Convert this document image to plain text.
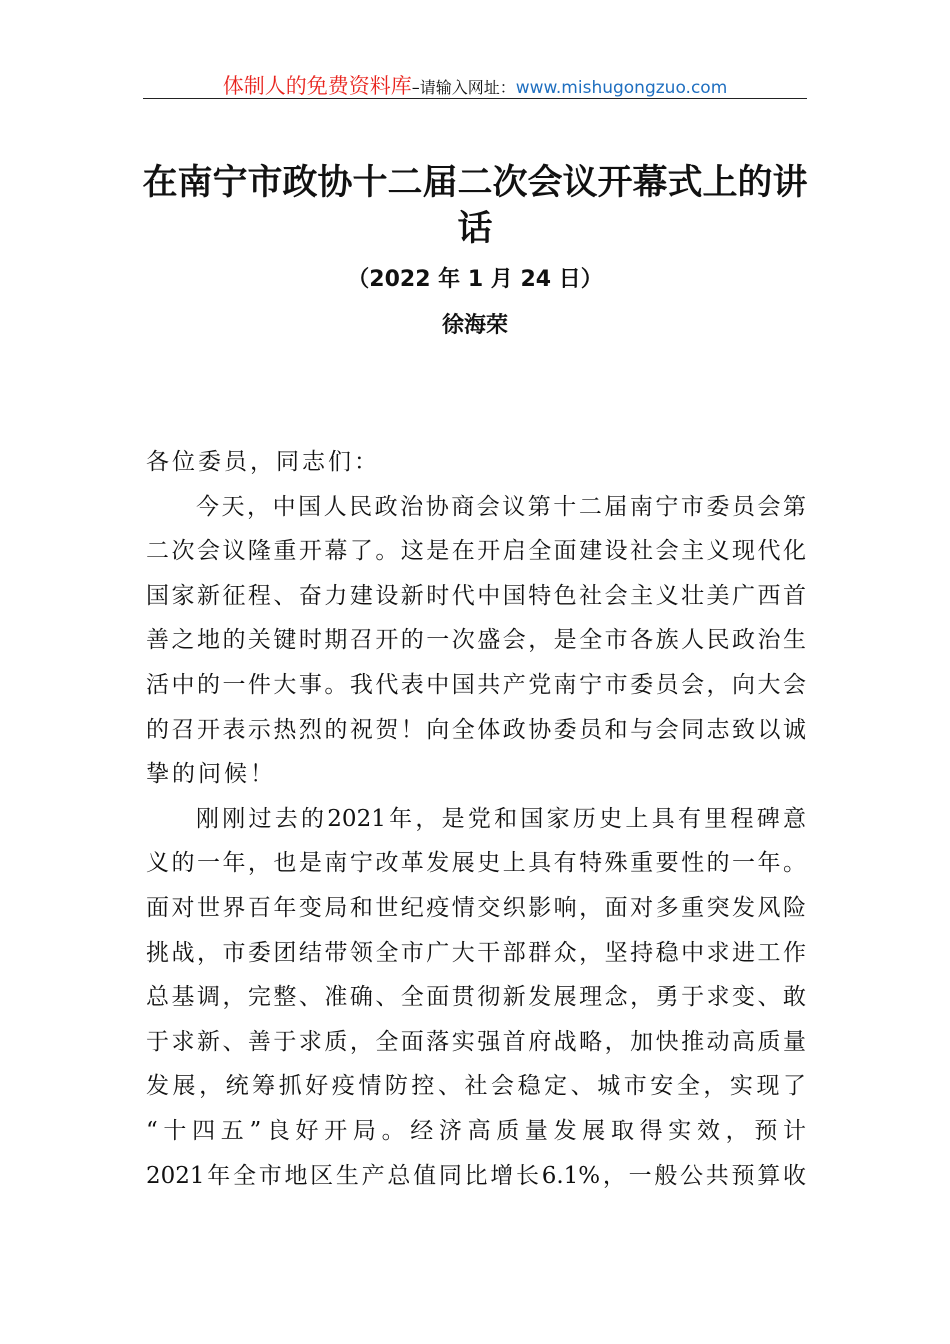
体制人的免费资料库–请输入网址：www.mishugongzuo.com
在南宁市政协十二届二次会议开幕式上的讲话
（2022 年 1 月 24 日）
徐海荣
各位委员，同志们：
今天，中国人民政治协商会议第十二届南宁市委员会第
二次会议隆重开幕了。这是在开启全面建设社会主义现代化
国家新征程、奋力建设新时代中国特色社会主义壮美广西首
善之地的关键时期召开的一次盛会，是全市各族人民政治生
活中的一件大事。我代表中国共产党南宁市委员会，向大会
的召开表示热烈的祝贺！向全体政协委员和与会同志致以诚
挚的问候！
刚刚过去的2021年，是党和国家历史上具有里程碑意
义的一年，也是南宁改革发展史上具有特殊重要性的一年。
面对世界百年变局和世纪疫情交织影响，面对多重突发风险
挑战，市委团结带领全市广大干部群众，坚持稳中求进工作
总基调，完整、准确、全面贯彻新发展理念，勇于求变、敢
于求新、善于求质，全面落实强首府战略，加快推动高质量
发展，统筹抓好疫情防控、社会稳定、城市安全，实现了
“十四五”良好开局。经济高质量发展取得实效，预计
2021年全市地区生产总值同比增长6.1%，一般公共预算收
